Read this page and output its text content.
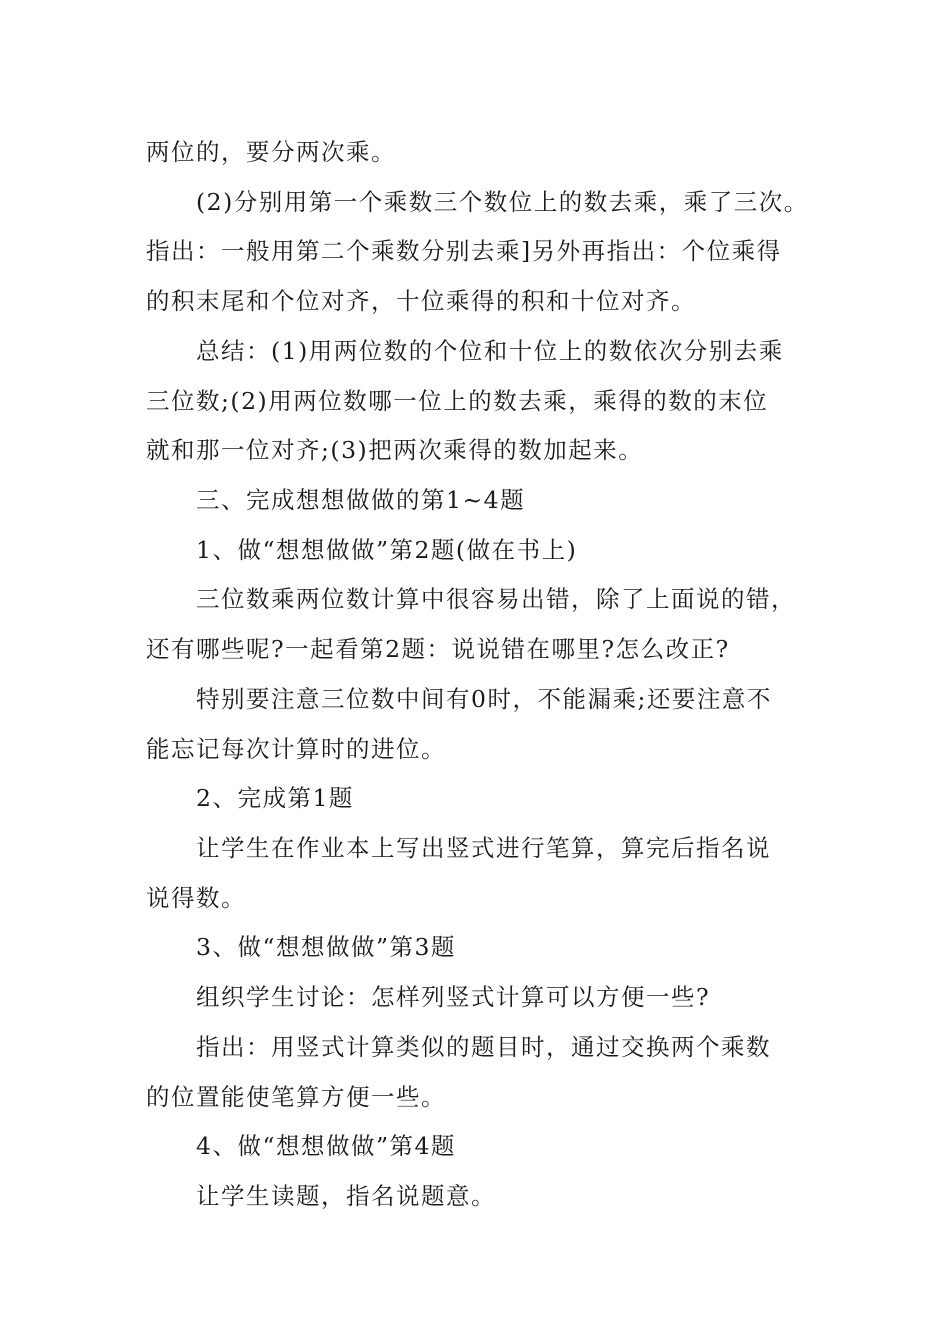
两位的，要分两次乘。
(2)分别用第一个乘数三个数位上的数去乘，乘了三次。
指出：一般用第二个乘数分别去乘]另外再指出：个位乘得
的积末尾和个位对齐，十位乘得的积和十位对齐。
总结：(1)用两位数的个位和十位上的数依次分别去乘
三位数;(2)用两位数哪一位上的数去乘，乘得的数的末位
就和那一位对齐;(3)把两次乘得的数加起来。
三、完成想想做做的第1~4题
1、做“想想做做”第2题(做在书上)
三位数乘两位数计算中很容易出错，除了上面说的错，
还有哪些呢?一起看第2题：说说错在哪里?怎么改正?
特别要注意三位数中间有0时，不能漏乘;还要注意不
能忘记每次计算时的进位。
2、完成第1题
让学生在作业本上写出竖式进行笔算，算完后指名说
说得数。
3、做“想想做做”第3题
组织学生讨论：怎样列竖式计算可以方便一些?
指出：用竖式计算类似的题目时，通过交换两个乘数
的位置能使笔算方便一些。
4、做“想想做做”第4题
让学生读题，指名说题意。
